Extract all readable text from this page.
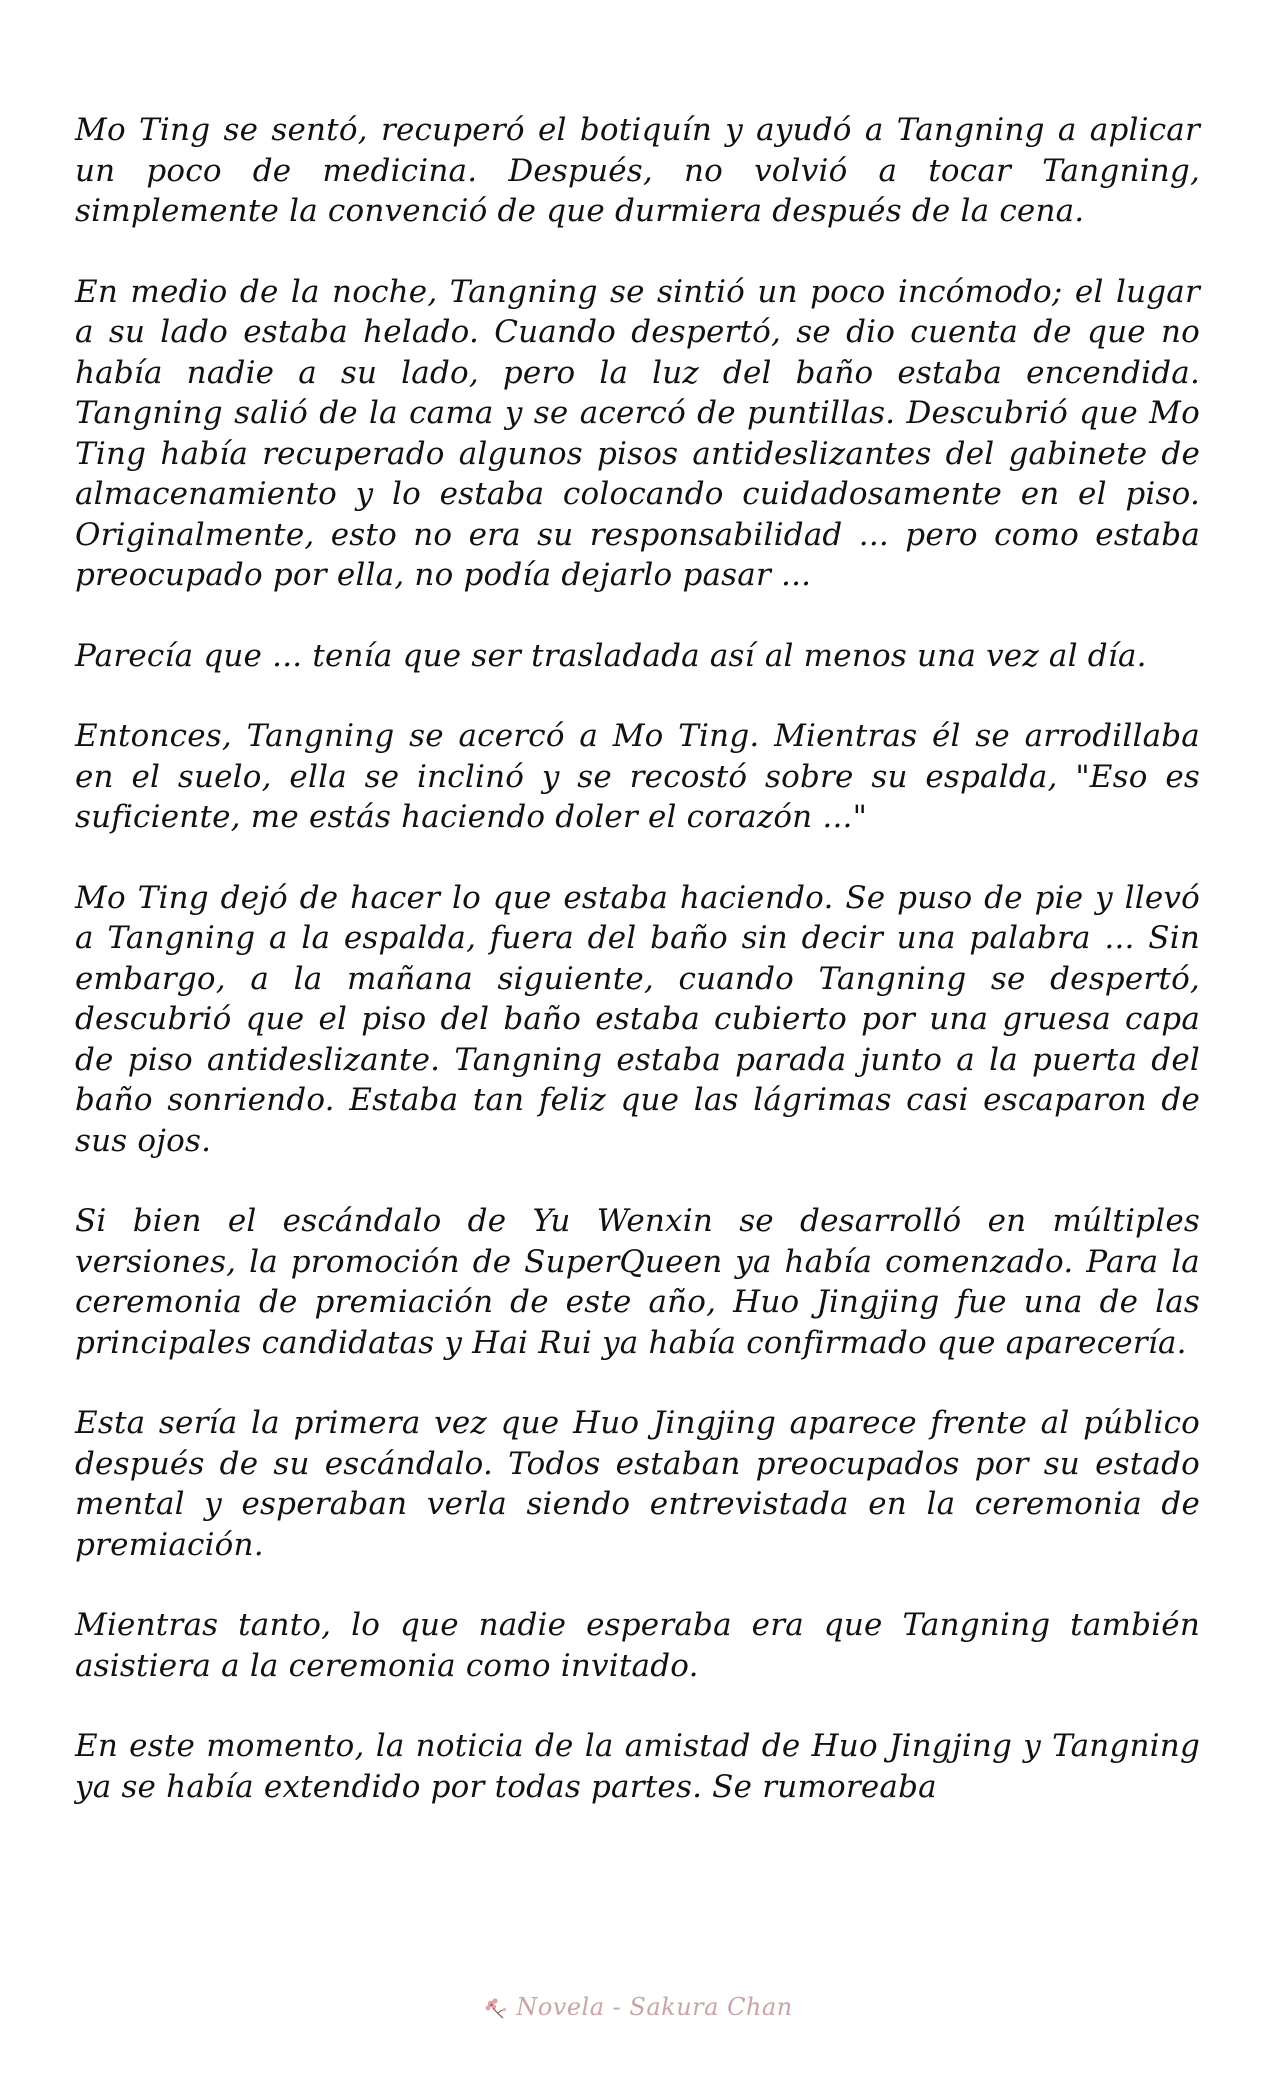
Mo Ting se sentó, recuperó el botiquín y ayudó a Tangning a aplicar un poco de medicina. Después, no volvió a tocar Tangning, simplemente la convenció de que durmiera después de la cena.

En medio de la noche, Tangning se sintió un poco incómodo; el lugar a su lado estaba helado. Cuando despertó, se dio cuenta de que no había nadie a su lado, pero la luz del baño estaba encendida. Tangning salió de la cama y se acercó de puntillas. Descubrió que Mo Ting había recuperado algunos pisos antideslizantes del gabinete de almacenamiento y lo estaba colocando cuidadosamente en el piso. Originalmente, esto no era su responsabilidad ... pero como estaba preocupado por ella, no podía dejarlo pasar ...

Parecía que ... tenía que ser trasladada así al menos una vez al día.

Entonces, Tangning se acercó a Mo Ting. Mientras él se arrodillaba en el suelo, ella se inclinó y se recostó sobre su espalda, "Eso es suficiente, me estás haciendo doler el corazón ..."

Mo Ting dejó de hacer lo que estaba haciendo. Se puso de pie y llevó a Tangning a la espalda, fuera del baño sin decir una palabra ... Sin embargo, a la mañana siguiente, cuando Tangning se despertó, descubrió que el piso del baño estaba cubierto por una gruesa capa de piso antideslizante. Tangning estaba parada junto a la puerta del baño sonriendo. Estaba tan feliz que las lágrimas casi escaparon de sus ojos.

Si bien el escándalo de Yu Wenxin se desarrolló en múltiples versiones, la promoción de SuperQueen ya había comenzado. Para la ceremonia de premiación de este año, Huo Jingjing fue una de las principales candidatas y Hai Rui ya había confirmado que aparecería.

Esta sería la primera vez que Huo Jingjing aparece frente al público después de su escándalo. Todos estaban preocupados por su estado mental y esperaban verla siendo entrevistada en la ceremonia de premiación.

Mientras tanto, lo que nadie esperaba era que Tangning también asistiera a la ceremonia como invitado.

En este momento, la noticia de la amistad de Huo Jingjing y Tangning ya se había extendido por todas partes. Se rumoreaba

Novela - Sakura Chan
